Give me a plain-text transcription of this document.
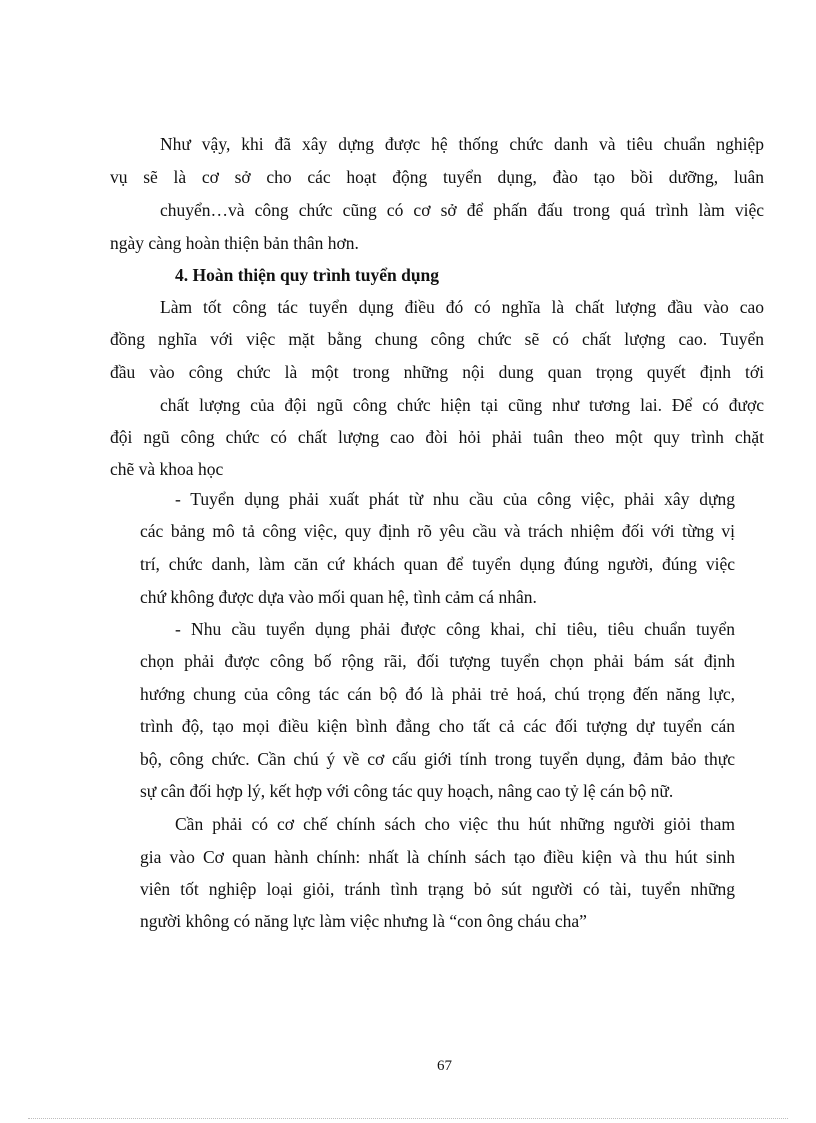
Như vậy, khi đã xây dựng được hệ thống chức danh và tiêu chuẩn nghiệp

vụ sẽ là cơ sở cho các hoạt động tuyển dụng, đào tạo bồi dưỡng, luân

chuyển…và công chức cũng có cơ sở để phấn đấu trong quá trình làm việc

ngày càng hoàn thiện bản thân hơn.

4. Hoàn thiện quy trình tuyển dụng

Làm tốt công tác tuyển dụng điều đó có nghĩa là chất lượng đầu vào cao

đồng nghĩa với việc mặt bằng chung công chức sẽ có chất lượng cao. Tuyển

đầu vào công chức là một trong những nội dung quan trọng quyết định tới

chất lượng của đội ngũ công chức hiện tại cũng như tương lai. Để có được

đội ngũ công chức có chất lượng cao đòi hỏi phải tuân theo một quy trình chặt

chẽ và khoa học

- Tuyển dụng phải xuất phát từ nhu cầu của công việc, phải xây dựng

các bảng mô tả công việc, quy định rõ yêu cầu và trách nhiệm đối với từng vị

trí, chức danh, làm căn cứ khách quan để tuyển dụng đúng người, đúng việc

chứ không được dựa vào mối quan hệ, tình cảm cá nhân.

- Nhu cầu tuyển dụng phải được công khai, chỉ tiêu, tiêu chuẩn tuyển

chọn phải được công bố rộng rãi, đối tượng tuyển chọn phải bám sát định

hướng chung của công tác cán bộ đó là phải trẻ hoá, chú trọng đến năng lực,

trình độ, tạo mọi điều kiện bình đẳng cho tất cả các đối tượng dự tuyển cán

bộ, công chức. Cần chú ý về cơ cấu giới tính trong tuyển dụng, đảm bảo thực

sự cân đối hợp lý, kết hợp với công tác quy hoạch, nâng cao tỷ lệ cán bộ nữ.

Cần phải có cơ chế chính sách cho việc thu hút những người giỏi tham

gia vào Cơ quan hành chính: nhất là chính sách tạo điều kiện và thu hút sinh

viên tốt nghiệp loại giỏi, tránh tình trạng bỏ sút người có tài, tuyển những

người không có năng lực làm việc nhưng là “con ông cháu cha”

67
